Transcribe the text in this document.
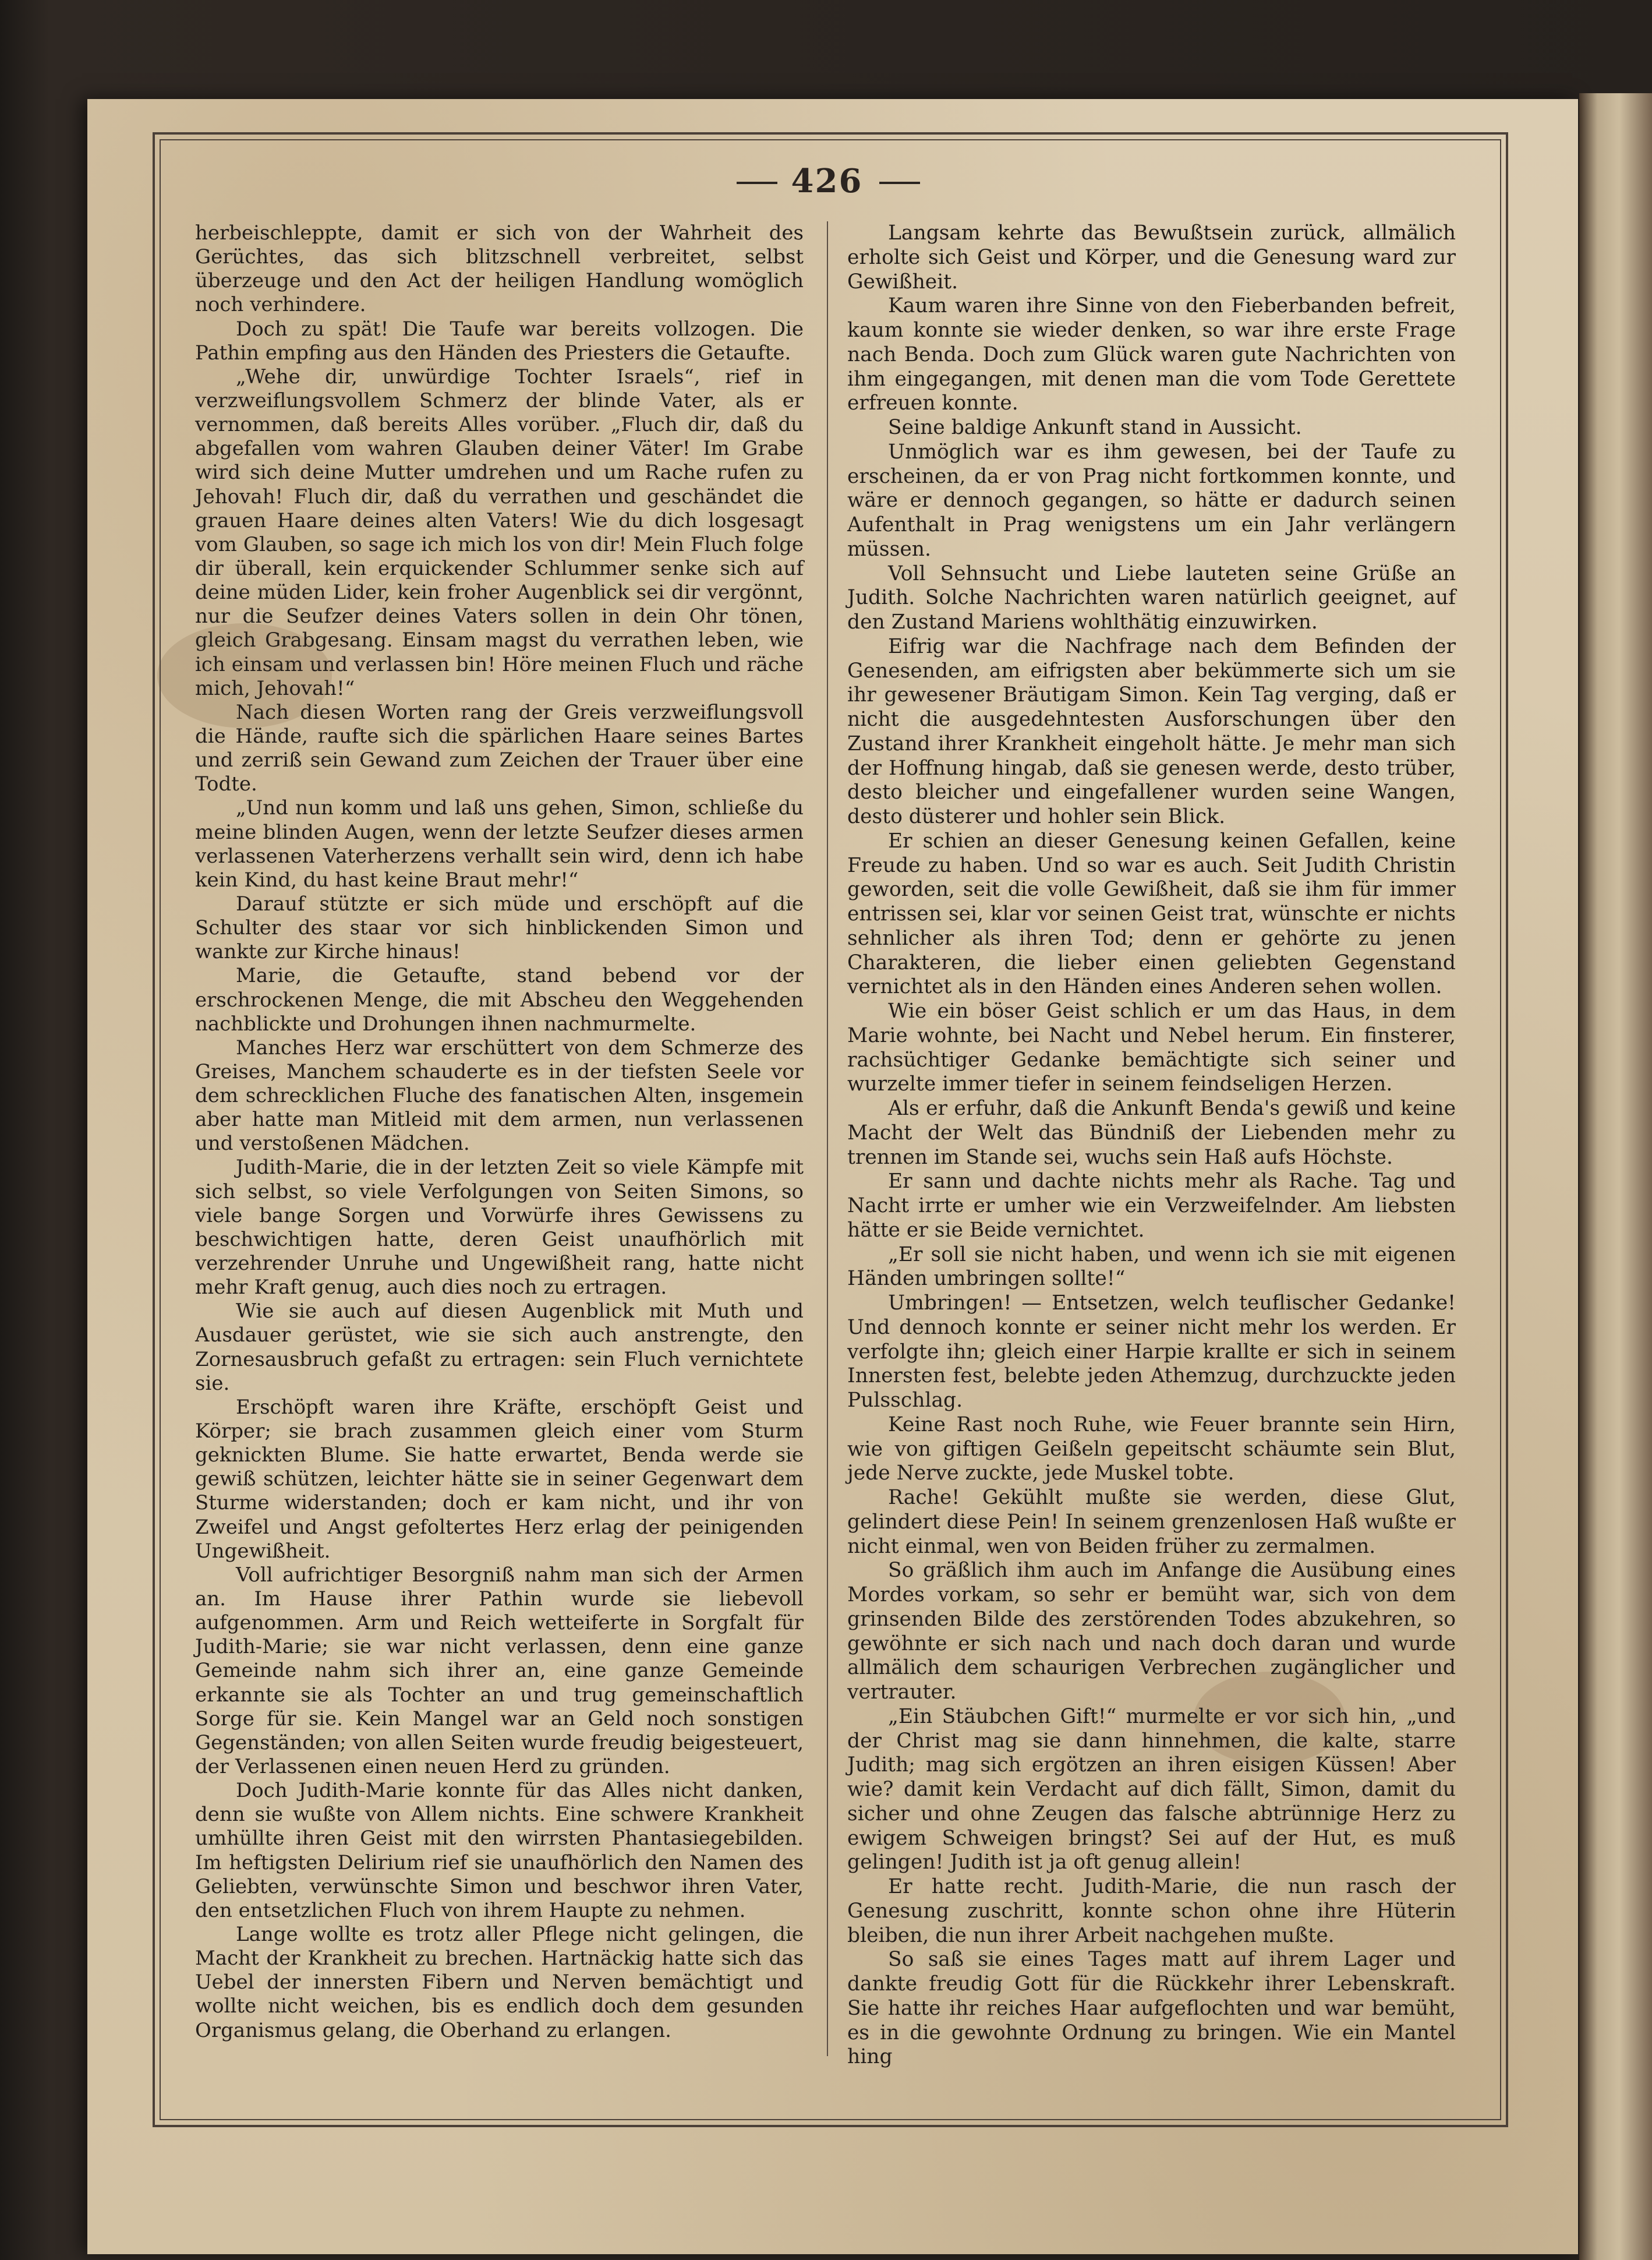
426

herbeischleppte, damit er sich von der Wahrheit des Gerüchtes, das sich blitzschnell verbreitet, selbst überzeuge und den Act der heiligen Handlung womöglich noch verhindere.

Doch zu spät! Die Taufe war bereits vollzogen. Die Pathin empfing aus den Händen des Priesters die Getaufte.

„Wehe dir, unwürdige Tochter Israels“, rief in verzweiflungsvollem Schmerz der blinde Vater, als er vernommen, daß bereits Alles vorüber. „Fluch dir, daß du abgefallen vom wahren Glauben deiner Väter! Im Grabe wird sich deine Mutter umdrehen und um Rache rufen zu Jehovah! Fluch dir, daß du verrathen und geschändet die grauen Haare deines alten Vaters! Wie du dich losgesagt vom Glauben, so sage ich mich los von dir! Mein Fluch folge dir überall, kein erquickender Schlummer senke sich auf deine müden Lider, kein froher Augenblick sei dir vergönnt, nur die Seufzer deines Vaters sollen in dein Ohr tönen, gleich Grabgesang. Einsam magst du verrathen leben, wie ich einsam und verlassen bin! Höre meinen Fluch und räche mich, Jehovah!“

Nach diesen Worten rang der Greis verzweiflungsvoll die Hände, raufte sich die spärlichen Haare seines Bartes und zerriß sein Gewand zum Zeichen der Trauer über eine Todte.

„Und nun komm und laß uns gehen, Simon, schließe du meine blinden Augen, wenn der letzte Seufzer dieses armen verlassenen Vaterherzens verhallt sein wird, denn ich habe kein Kind, du hast keine Braut mehr!“

Darauf stützte er sich müde und erschöpft auf die Schulter des staar vor sich hinblickenden Simon und wankte zur Kirche hinaus!

Marie, die Getaufte, stand bebend vor der erschrockenen Menge, die mit Abscheu den Weggehenden nachblickte und Drohungen ihnen nachmurmelte.

Manches Herz war erschüttert von dem Schmerze des Greises, Manchem schauderte es in der tiefsten Seele vor dem schrecklichen Fluche des fanatischen Alten, insgemein aber hatte man Mitleid mit dem armen, nun verlassenen und verstoßenen Mädchen.

Judith-Marie, die in der letzten Zeit so viele Kämpfe mit sich selbst, so viele Verfolgungen von Seiten Simons, so viele bange Sorgen und Vorwürfe ihres Gewissens zu beschwichtigen hatte, deren Geist unaufhörlich mit verzehrender Unruhe und Ungewißheit rang, hatte nicht mehr Kraft genug, auch dies noch zu ertragen.

Wie sie auch auf diesen Augenblick mit Muth und Ausdauer gerüstet, wie sie sich auch anstrengte, den Zornesausbruch gefaßt zu ertragen: sein Fluch vernichtete sie.

Erschöpft waren ihre Kräfte, erschöpft Geist und Körper; sie brach zusammen gleich einer vom Sturm geknickten Blume. Sie hatte erwartet, Benda werde sie gewiß schützen, leichter hätte sie in seiner Gegenwart dem Sturme widerstanden; doch er kam nicht, und ihr von Zweifel und Angst gefoltertes Herz erlag der peinigenden Ungewißheit.

Voll aufrichtiger Besorgniß nahm man sich der Armen an. Im Hause ihrer Pathin wurde sie liebevoll aufgenommen. Arm und Reich wetteiferte in Sorgfalt für Judith-Marie; sie war nicht verlassen, denn eine ganze Gemeinde nahm sich ihrer an, eine ganze Gemeinde erkannte sie als Tochter an und trug gemeinschaftlich Sorge für sie. Kein Mangel war an Geld noch sonstigen Gegenständen; von allen Seiten wurde freudig beigesteuert, der Verlassenen einen neuen Herd zu gründen.

Doch Judith-Marie konnte für das Alles nicht danken, denn sie wußte von Allem nichts. Eine schwere Krankheit umhüllte ihren Geist mit den wirrsten Phantasiegebilden. Im heftigsten Delirium rief sie unaufhörlich den Namen des Geliebten, verwünschte Simon und beschwor ihren Vater, den entsetzlichen Fluch von ihrem Haupte zu nehmen.

Lange wollte es trotz aller Pflege nicht gelingen, die Macht der Krankheit zu brechen. Hartnäckig hatte sich das Uebel der innersten Fibern und Nerven bemächtigt und wollte nicht weichen, bis es endlich doch dem gesunden Organismus gelang, die Oberhand zu erlangen.

Langsam kehrte das Bewußtsein zurück, allmälich erholte sich Geist und Körper, und die Genesung ward zur Gewißheit.

Kaum waren ihre Sinne von den Fieberbanden befreit, kaum konnte sie wieder denken, so war ihre erste Frage nach Benda. Doch zum Glück waren gute Nachrichten von ihm eingegangen, mit denen man die vom Tode Gerettete erfreuen konnte.

Seine baldige Ankunft stand in Aussicht.

Unmöglich war es ihm gewesen, bei der Taufe zu erscheinen, da er von Prag nicht fortkommen konnte, und wäre er dennoch gegangen, so hätte er dadurch seinen Aufenthalt in Prag wenigstens um ein Jahr verlängern müssen.

Voll Sehnsucht und Liebe lauteten seine Grüße an Judith. Solche Nachrichten waren natürlich geeignet, auf den Zustand Mariens wohlthätig einzuwirken.

Eifrig war die Nachfrage nach dem Befinden der Genesenden, am eifrigsten aber bekümmerte sich um sie ihr gewesener Bräutigam Simon. Kein Tag verging, daß er nicht die ausgedehntesten Ausforschungen über den Zustand ihrer Krankheit eingeholt hätte. Je mehr man sich der Hoffnung hingab, daß sie genesen werde, desto trüber, desto bleicher und eingefallener wurden seine Wangen, desto düsterer und hohler sein Blick.

Er schien an dieser Genesung keinen Gefallen, keine Freude zu haben. Und so war es auch. Seit Judith Christin geworden, seit die volle Gewißheit, daß sie ihm für immer entrissen sei, klar vor seinen Geist trat, wünschte er nichts sehnlicher als ihren Tod; denn er gehörte zu jenen Charakteren, die lieber einen geliebten Gegenstand vernichtet als in den Händen eines Anderen sehen wollen.

Wie ein böser Geist schlich er um das Haus, in dem Marie wohnte, bei Nacht und Nebel herum. Ein finsterer, rachsüchtiger Gedanke bemächtigte sich seiner und wurzelte immer tiefer in seinem feindseligen Herzen.

Als er erfuhr, daß die Ankunft Benda's gewiß und keine Macht der Welt das Bündniß der Liebenden mehr zu trennen im Stande sei, wuchs sein Haß aufs Höchste.

Er sann und dachte nichts mehr als Rache. Tag und Nacht irrte er umher wie ein Verzweifelnder. Am liebsten hätte er sie Beide vernichtet.

„Er soll sie nicht haben, und wenn ich sie mit eigenen Händen umbringen sollte!“

Umbringen! — Entsetzen, welch teuflischer Gedanke! Und dennoch konnte er seiner nicht mehr los werden. Er verfolgte ihn; gleich einer Harpie krallte er sich in seinem Innersten fest, belebte jeden Athemzug, durchzuckte jeden Pulsschlag.

Keine Rast noch Ruhe, wie Feuer brannte sein Hirn, wie von giftigen Geißeln gepeitscht schäumte sein Blut, jede Nerve zuckte, jede Muskel tobte.

Rache! Gekühlt mußte sie werden, diese Glut, gelindert diese Pein! In seinem grenzenlosen Haß wußte er nicht einmal, wen von Beiden früher zu zermalmen.

So gräßlich ihm auch im Anfange die Ausübung eines Mordes vorkam, so sehr er bemüht war, sich von dem grinsenden Bilde des zerstörenden Todes abzukehren, so gewöhnte er sich nach und nach doch daran und wurde allmälich dem schaurigen Verbrechen zugänglicher und vertrauter.

„Ein Stäubchen Gift!“ murmelte er vor sich hin, „und der Christ mag sie dann hinnehmen, die kalte, starre Judith; mag sich ergötzen an ihren eisigen Küssen! Aber wie? damit kein Verdacht auf dich fällt, Simon, damit du sicher und ohne Zeugen das falsche abtrünnige Herz zu ewigem Schweigen bringst? Sei auf der Hut, es muß gelingen! Judith ist ja oft genug allein!

Er hatte recht. Judith-Marie, die nun rasch der Genesung zuschritt, konnte schon ohne ihre Hüterin bleiben, die nun ihrer Arbeit nachgehen mußte.

So saß sie eines Tages matt auf ihrem Lager und dankte freudig Gott für die Rückkehr ihrer Lebenskraft. Sie hatte ihr reiches Haar aufgeflochten und war bemüht, es in die gewohnte Ordnung zu bringen. Wie ein Mantel hing
